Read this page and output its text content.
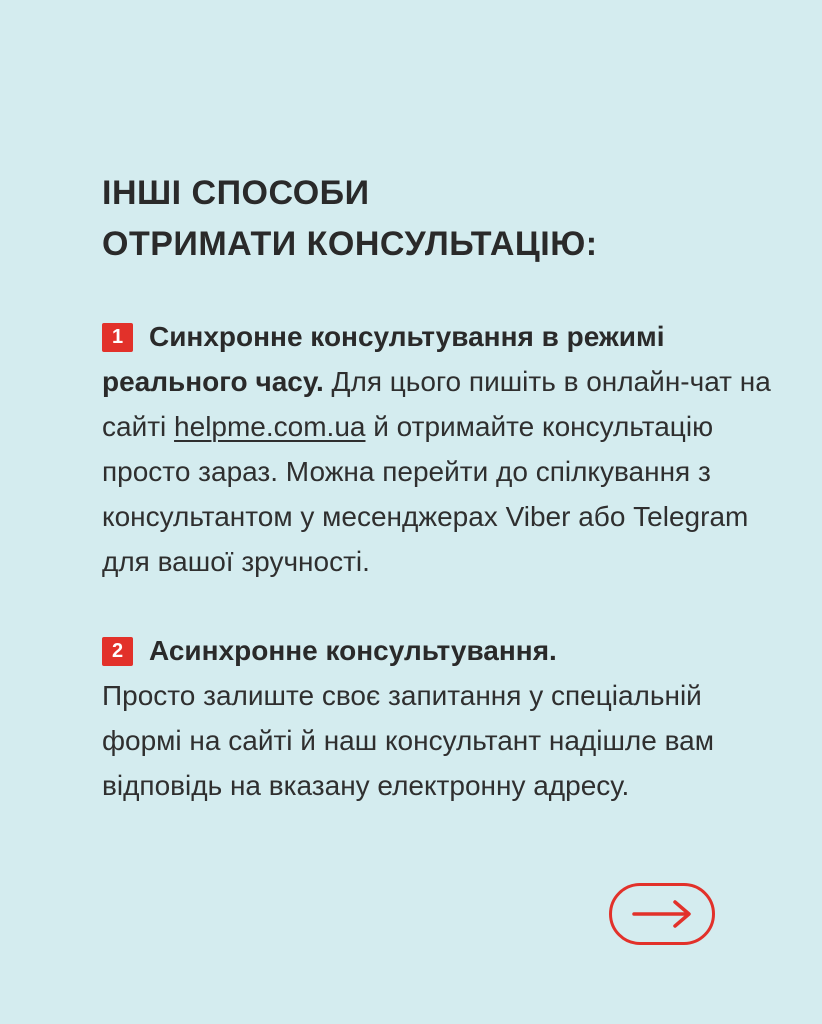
ІНШІ СПОСОБИ
ОТРИМАТИ КОНСУЛЬТАЦІЮ:
1 Синхронне консультування в режимі реального часу. Для цього пишіть в онлайн-чат на сайті helpme.com.ua й отримайте консультацію просто зараз. Можна перейти до спілкування з консультантом у месенджерах Viber або Telegram для вашої зручності.
2 Асинхронне консультування.
Просто залиште своє запитання у спеціальній формі на сайті й наш консультант надішле вам відповідь на вказану електронну адресу.
